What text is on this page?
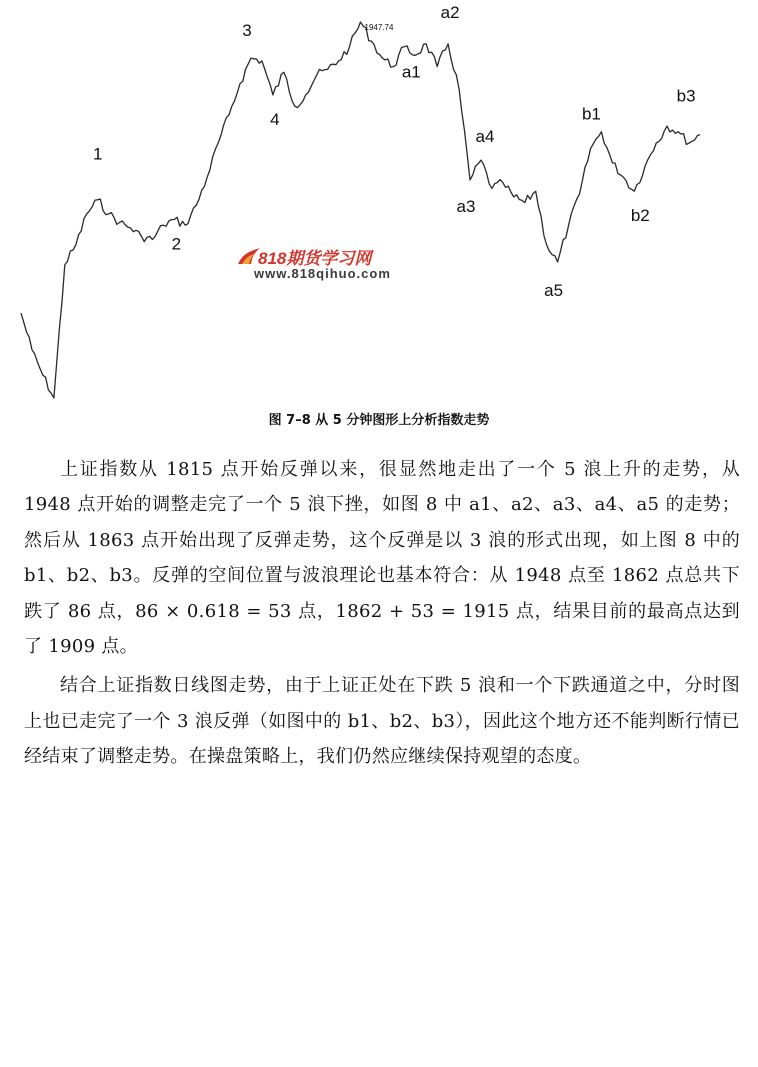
1
2
3
4
a1
a2
a3
a4
a5
b1
b2
b3
1947.74
818期货学习网
www.818qihuo.com
图 7–8 从 5 分钟图形上分析指数走势

上证指数从 1815 点开始反弹以来，很显然地走出了一个 5 浪上升的走势，从 1948 点开始的调整走完了一个 5 浪下挫，如图 8 中 a1、a2、a3、a4、a5 的走势；然后从 1863 点开始出现了反弹走势，这个反弹是以 3 浪的形式出现，如上图 8 中的 b1、b2、b3。反弹的空间位置与波浪理论也基本符合：从 1948 点至 1862 点总共下跌了 86 点，86 × 0.618 = 53 点，1862 + 53 = 1915 点，结果目前的最高点达到了 1909 点。

结合上证指数日线图走势，由于上证正处在下跌 5 浪和一个下跌通道之中，分时图上也已走完了一个 3 浪反弹（如图中的 b1、b2、b3），因此这个地方还不能判断行情已经结束了调整走势。在操盘策略上，我们仍然应继续保持观望的态度。
